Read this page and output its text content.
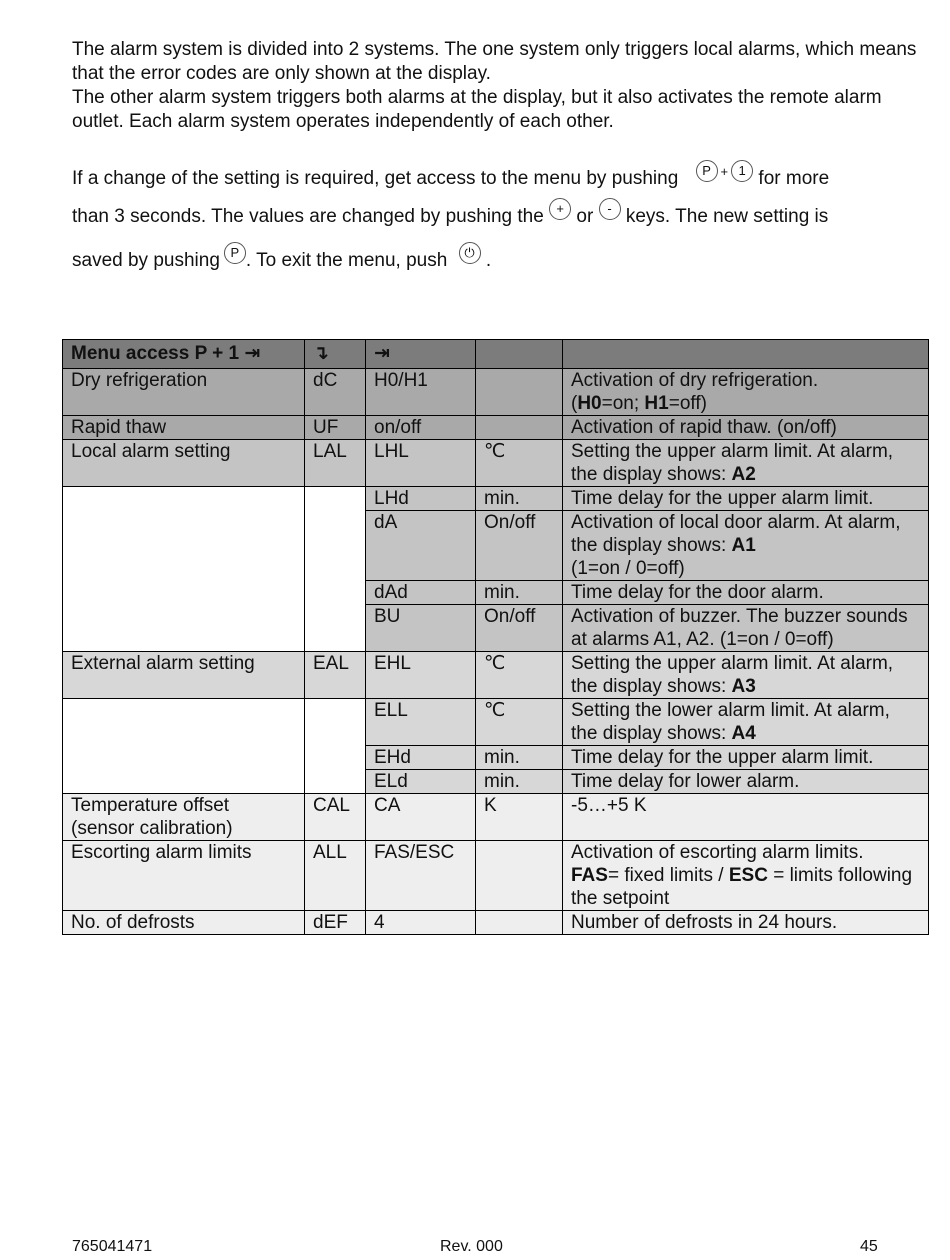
The alarm system is divided into 2 systems. The one system only triggers local alarms, which means that the error codes are only shown at the display.

The other alarm system triggers both alarms at the display, but it also activates the remote alarm outlet. Each alarm system operates independently of each other.

If a change of the setting is required, get access to the menu by pushing P + 1 for more
than 3 seconds. The values are changed by pushing the + or - keys. The new setting is
saved by pushing P . To exit the menu, push ⏻ .
Menu access P + 1 ⇥	↴	⇥		
Dry refrigeration	dC	H0/H1		Activation of dry refrigeration.
(H0=on; H1=off)
Rapid thaw	UF	on/off		Activation of rapid thaw. (on/off)
Local alarm setting	LAL	LHL	℃	Setting the upper alarm limit. At alarm, the display shows: A2
		LHd	min.	Time delay for the upper alarm limit.
		dA	On/off	Activation of local door alarm. At alarm, the display shows: A1
(1=on / 0=off)
		dAd	min.	Time delay for the door alarm.
		BU	On/off	Activation of buzzer. The buzzer sounds at alarms A1, A2. (1=on / 0=off)
External alarm setting	EAL	EHL	℃	Setting the upper alarm limit. At alarm, the display shows: A3
		ELL	℃	Setting the lower alarm limit. At alarm, the display shows: A4
		EHd	min.	Time delay for the upper alarm limit.
		ELd	min.	Time delay for lower alarm.
Temperature offset (sensor calibration)	CAL	CA	K	-5…+5 K
Escorting alarm limits	ALL	FAS/ESC		Activation of escorting alarm limits.
FAS= fixed limits / ESC = limits following the setpoint
No. of defrosts	dEF	4		Number of defrosts in 24 hours.
765041471	Rev. 000	45
